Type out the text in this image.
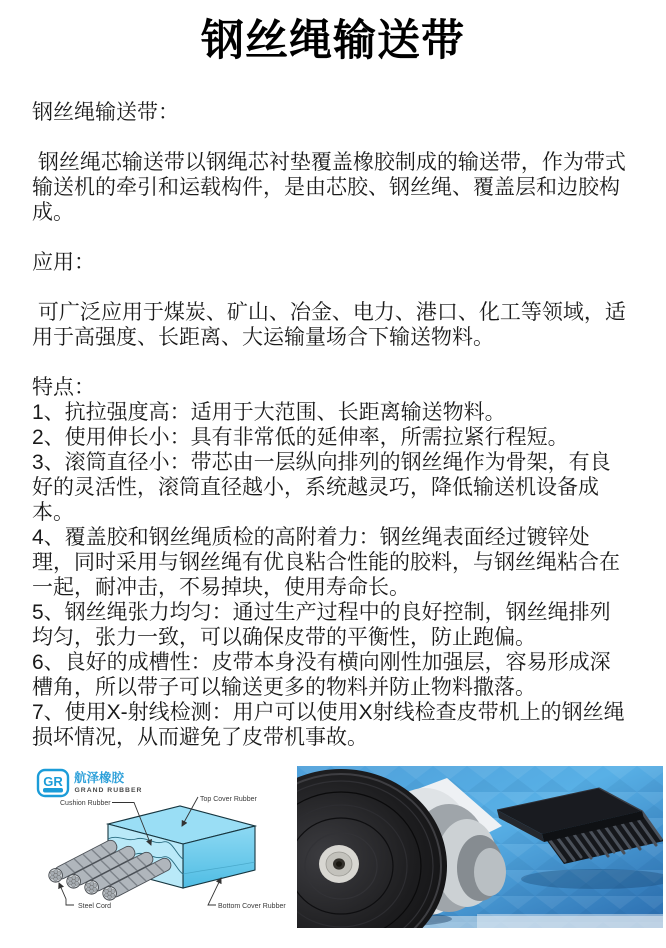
钢丝绳输送带

钢丝绳输送带：

钢丝绳芯输送带以钢绳芯衬垫覆盖橡胶制成的输送带，作为带式输送机的牵引和运载构件，是由芯胶、钢丝绳、覆盖层和边胶构成。

应用：

可广泛应用于煤炭、矿山、冶金、电力、港口、化工等领域，适用于高强度、长距离、大运输量场合下输送物料。

特点：

1、抗拉强度高：适用于大范围、长距离输送物料。

2、使用伸长小：具有非常低的延伸率，所需拉紧行程短。

3、滚筒直径小：带芯由一层纵向排列的钢丝绳作为骨架，有良好的灵活性，滚筒直径越小，系统越灵巧，降低输送机设备成本。

4、覆盖胶和钢丝绳质检的高附着力：钢丝绳表面经过镀锌处理，同时采用与钢丝绳有优良粘合性能的胶料，与钢丝绳粘合在一起，耐冲击，不易掉块，使用寿命长。

5、钢丝绳张力均匀：通过生产过程中的良好控制，钢丝绳排列均匀，张力一致，可以确保皮带的平衡性，防止跑偏。

6、良好的成槽性：皮带本身没有横向刚性加强层，容易形成深槽角，所以带子可以输送更多的物料并防止物料撒落。

7、使用X-射线检测：用户可以使用X射线检查皮带机上的钢丝绳损坏情况，从而避免了皮带机事故。

GR 航泽橡胶
GRAND RUBBER
Cushion Rubber
Top Cover Rubber
Steel Cord	Bottom Cover Rubber
